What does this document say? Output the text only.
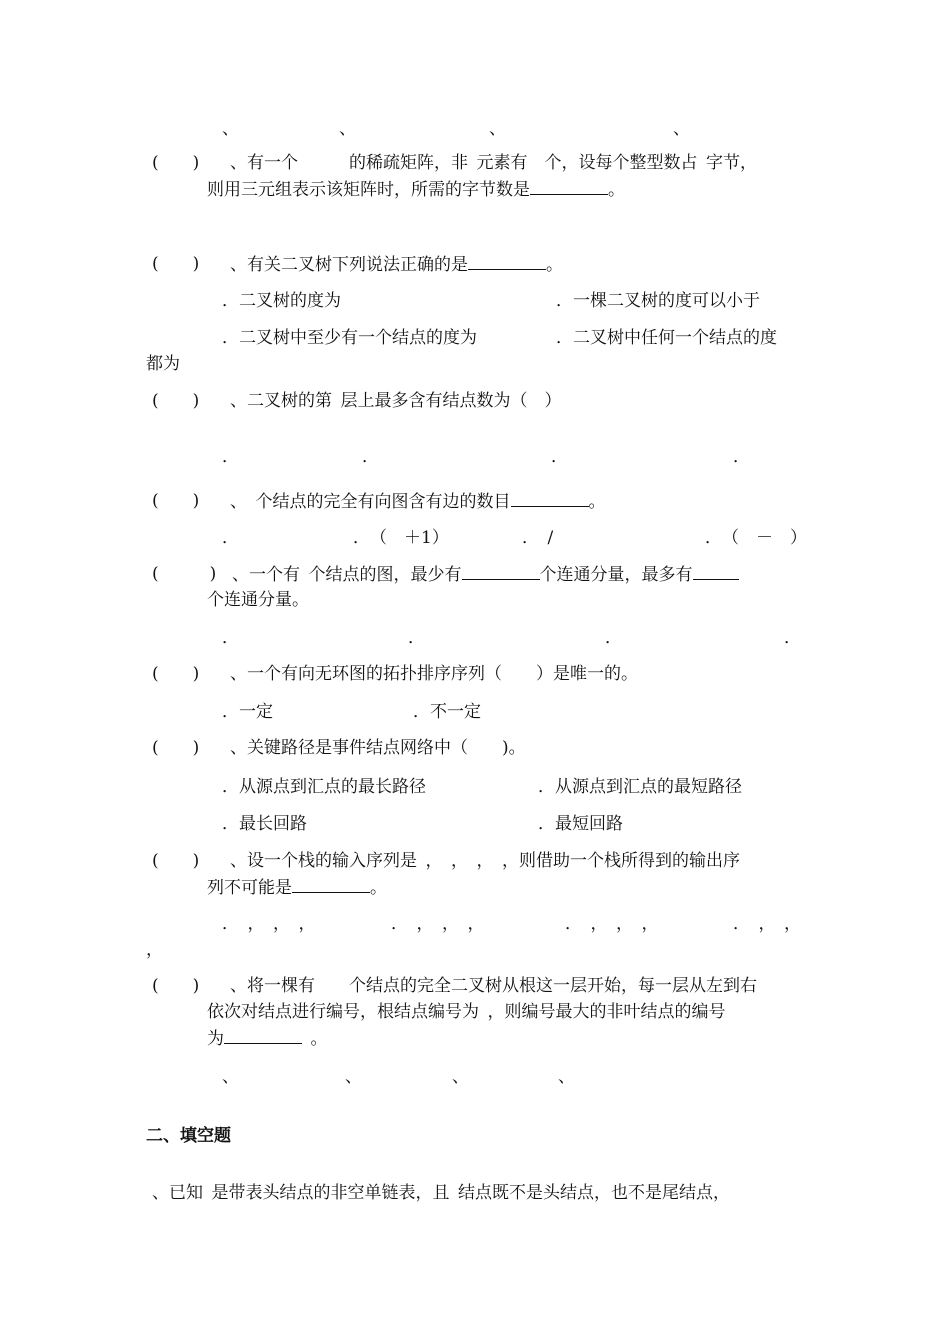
、	、	、	、
(　　) 、有一个　　　的稀疏矩阵，非 元素有　个，设每个整型数占 字节，
则用三元组表示该矩阵时，所需的字节数是	。
(　　) 、有关二叉树下列说法正确的是	。
．二叉树的度为	．一棵二叉树的度可以小于
．二叉树中至少有一个结点的度为	．二叉树中任何一个结点的度
都为
(　　) 、二叉树的第 层上最多含有结点数为（　）
．	．	．	．
(　　) 、 个结点的完全有向图含有边的数目	。
．	．　（　＋1）	．　/	．　（　－　）
(　　　) 、一个有 个结点的图，最少有	个连通分量，最多有
个连通分量。
．	．	．	．
(　　) 、一个有向无环图的拓扑排序序列（　　）是唯一的。
．一定	．不一定
(　　) 、关键路径是事件结点网络中（　　)。
．从源点到汇点的最长路径	．从源点到汇点的最短路径
．最长回路	．最短回路
(　　) 、设一个栈的输入序列是 ，　，　，　，则借助一个栈所得到的输出序
列不可能是	。
．　，　，　，	．　，　，　，	．　，　，　，	．　，　，
，
(　　) 、将一棵有　　个结点的完全二叉树从根这一层开始，每一层从左到右
依次对结点进行编号，根结点编号为 ，则编号最大的非叶结点的编号
为	 。
、	、	、	、
二、填空题
、已知 是带表头结点的非空单链表，且 结点既不是头结点，也不是尾结点，
